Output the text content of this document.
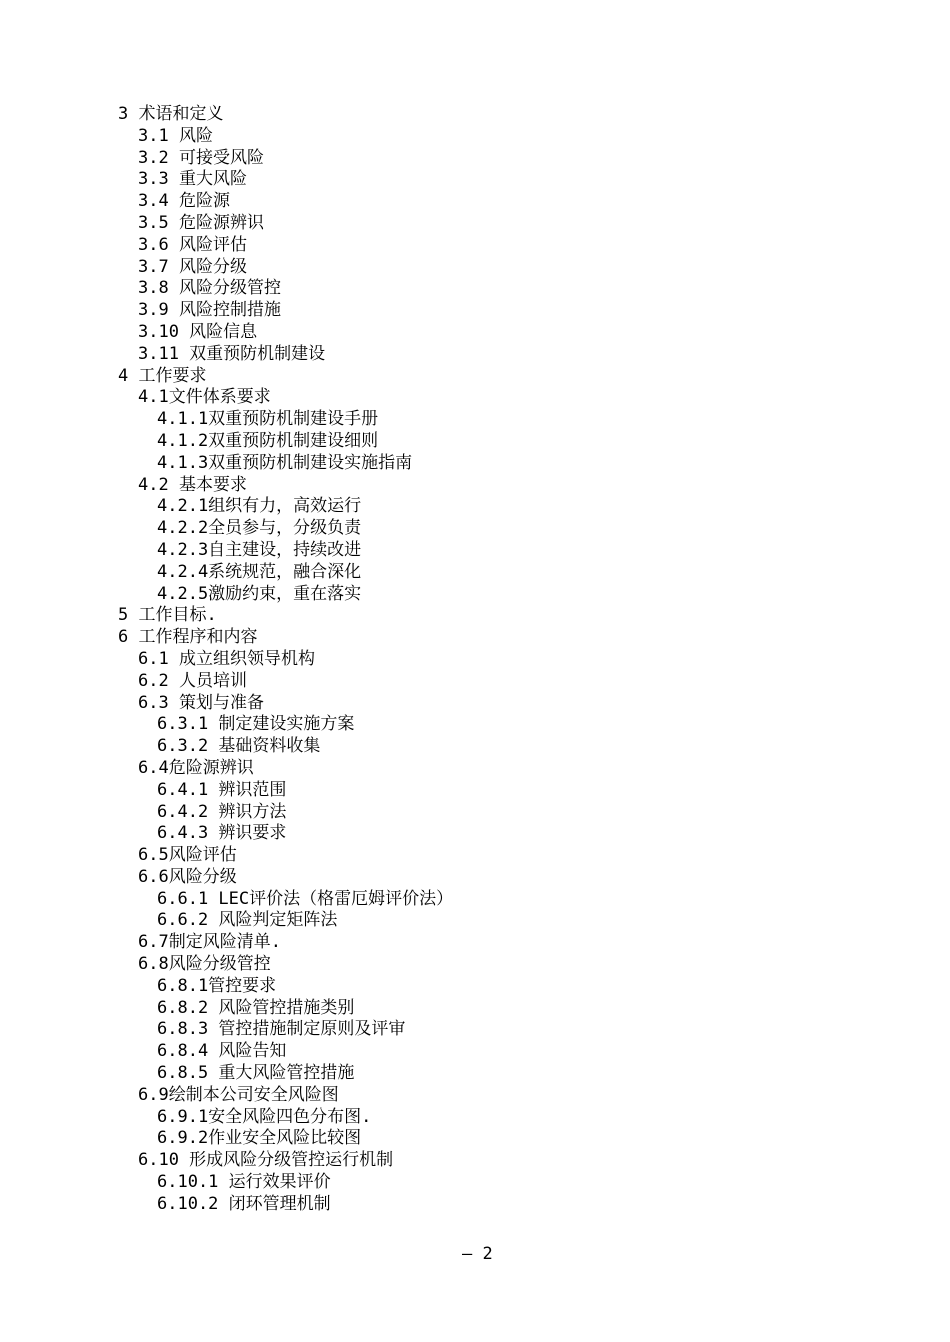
3 术语和定义
3.1 风险
3.2 可接受风险
3.3 重大风险
3.4 危险源
3.5 危险源辨识
3.6 风险评估
3.7 风险分级
3.8 风险分级管控
3.9 风险控制措施
3.10 风险信息
3.11 双重预防机制建设
4 工作要求
4.1文件体系要求
4.1.1双重预防机制建设手册
4.1.2双重预防机制建设细则
4.1.3双重预防机制建设实施指南
4.2 基本要求
4.2.1组织有力，高效运行
4.2.2全员参与，分级负责
4.2.3自主建设，持续改进
4.2.4系统规范，融合深化
4.2.5激励约束，重在落实
5 工作目标.
6 工作程序和内容
6.1 成立组织领导机构
6.2 人员培训
6.3 策划与准备
6.3.1 制定建设实施方案
6.3.2 基础资料收集
6.4危险源辨识
6.4.1 辨识范围
6.4.2 辨识方法
6.4.3 辨识要求
6.5风险评估
6.6风险分级
6.6.1 LEC评价法（格雷厄姆评价法）
6.6.2 风险判定矩阵法
6.7制定风险清单.
6.8风险分级管控
6.8.1管控要求
6.8.2 风险管控措施类别
6.8.3 管控措施制定原则及评审
6.8.4 风险告知
6.8.5 重大风险管控措施
6.9绘制本公司安全风险图
6.9.1安全风险四色分布图.
6.9.2作业安全风险比较图
6.10 形成风险分级管控运行机制
6.10.1 运行效果评价
6.10.2 闭环管理机制
– 2
